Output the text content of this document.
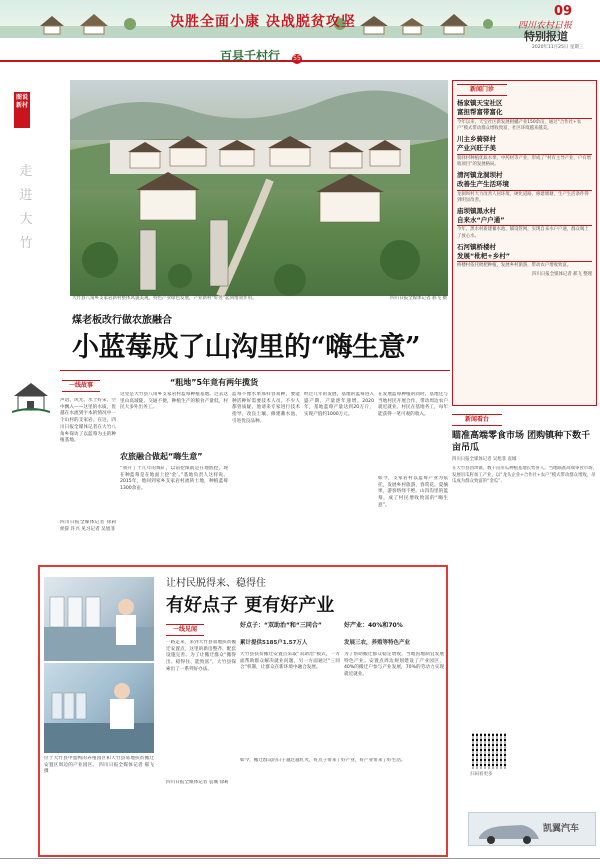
决胜全面小康 决战脱贫攻坚
09
四川农村日报
特别报道
2020年11月25日 星期三
百县千村行 55
图说新村
走 进 大 竹
大竹县八角乡支家岩新村整体风貌美观，特色产业绿色发展，产业新村“好处”起到增效作用。	四川日报全媒体记者 郝飞 摄
煤老板改行做农旅融合
小蓝莓成了山沟里的“嗨生意”
一线故事
声语、风光、水土好宋，空中飘入——这里的水质，优越在水流到宇本的情况中一个山村的支家岩。在这，四川日报全媒体记者在大竹八角乡探访了以蓝莓为主的种植基地。
四川日报全媒体记者 徐莉 侯辞 许兴 见习记者 吴旭菲
“粗地”5年竟有两年揽货
这里是大竹县八角乡支家岩村蓝莓种植基地。过去这里山高坡陡，交通不便，种植生产的粮食产量低，村民大多外出务工。
农旅融合做起“嗨生意”
“我开了十几年的煤矿，以前挖煤就是在地底挖，现在种蓝莓是在地面上挖‘金’。”基地负责人这样说。2015年，他回到家乡支家岩村流转土地，种植蓝莓1300余亩。
蓝莓不像水果那样容易种，要能种活种好需要技术人员，不少人都曾质疑。他请来专家进行技术指导，改良土壤、修建蓄水池、引进优良品种。
经过几年的发展，基地的蓝莓进入盛产期，产量逐年递增。2020年，基地蓝莓产量达到20万斤，实现产值约1000万元。
在发展蓝莓种植的同时，基地还与当地村民开展合作，带动周边农户就近就业。村民在基地务工，每年能获得一笔可观的收入。
如今，支家岩村以蓝莓产业为依托，发展乡村旅游，春赏花、夏摘果，游客络绎不绝。山沟沟里的蓝莓，成了村民增收致富的“嗨生意”。
新闻门诊
杨家镇天宝社区
富担帮富带富化
今年以来，天宝社区新发展柑橘产业150余亩，通过“合作社+农户”模式带动群众增收致富，社区环境越来越美。
川主乡骑驿村
产业兴旺子美
骑驿村种植优质水果、中药材等产业，形成了“村有主导产业、户有增收项目”的发展格局。
清河镇龙洞坝村
改善生产生活环境
龙洞坝村大力改善人居环境，硬化道路、修建堰塘，生产生活条件得到明显改善。
庙坝镇黑水村
自来水“户户通”
今年，黑水村新建蓄水池、铺设管网，实现自来水户户通，群众喝上了放心水。
石河镇桥楼村
发展“枇杷+乡村”
桥楼村依托枇杷种植，发展乡村旅游，带动农户增收致富。
四川日报全媒体记者 郝飞 整理
新闻看台
瞄准高端零食市场 团购镇种下数千亩吊瓜
四川日报全媒体记者 吴旭菲 袁城
在大竹县团坝镇，数千亩吊瓜种植基地长势喜人。当地瞄准高端零食市场，发展吊瓜籽加工产业，以“龙头企业+合作社+农户”模式带动群众增收，吊瓜成为群众致富的“金瓜”。
扫码看更多
凯翼汽车
位于大竹县中蛋鸭的养殖园区和大竹县易地扶贫搬迁安置区周边的产业园区。 四川日报全媒体记者 郝飞 摄
让村民脱得来、稳得住
有好点子 更有好产业
一线见闻
一路走来，来到大竹县易地扶贫搬迁安置点，这里的新房整齐、配套设施完善。为了让搬迁群众“搬得出、稳得住、能致富”，大竹县探索出了一系列好办法。
四川日报全媒体记者 袁城 徐莉
好点子：“双助治”和“三同合”
累计提供5185户1.57万人
大竹县扶贫搬迁安置点采取“双助治”模式，一方面帮助群众解决就业问题，另一方面通过“三同合”机制，让群众在新环境中融合发展。
好产业：40%和70%
发展三农，养殖等特色产业
为了帮助搬迁群众稳定增收，当地因地制宜发展特色产业。安置点周边规划建设了产业园区，40%的搬迁户参与产业发展，70%的劳动力实现就近就业。
如今，搬迁群众的日子越过越红火，好点子带来了好产业，好产业带来了好生活。
